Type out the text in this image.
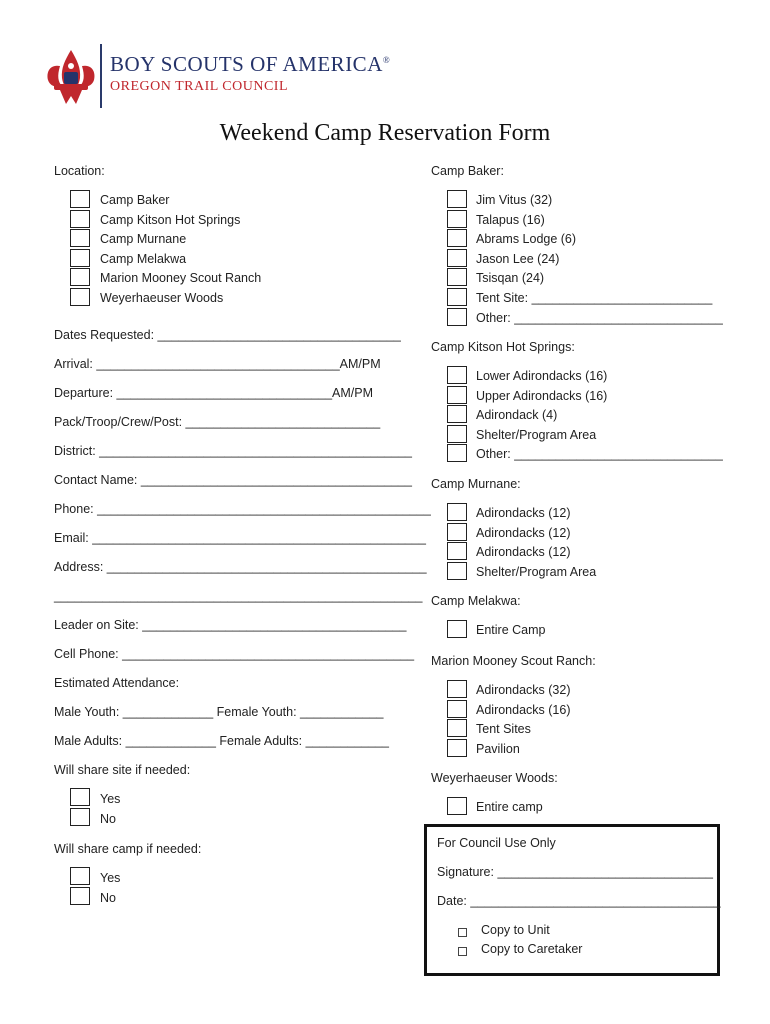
BOY SCOUTS OF AMERICA®
OREGON TRAIL COUNCIL
Weekend Camp Reservation Form
Location:
Camp Baker
Camp Kitson Hot Springs
Camp Murnane
Camp Melakwa
Marion Mooney Scout Ranch
Weyerhaeuser Woods
Dates Requested: ___________________________________
Arrival: ___________________________________AM/PM
Departure: _______________________________AM/PM
Pack/Troop/Crew/Post: ____________________________
District: _____________________________________________
Contact Name: _______________________________________
Phone: ________________________________________________
Email: ________________________________________________
Address: ______________________________________________
_____________________________________________________
Leader on Site: ______________________________________
Cell Phone: __________________________________________
Estimated Attendance:
Male Youth: _____________ Female Youth: ____________
Male Adults: _____________ Female Adults: ____________
Will share site if needed:
Yes
No
Will share camp if needed:
Yes
No
Camp Baker:
Jim Vitus (32)
Talapus (16)
Abrams Lodge (6)
Jason Lee (24)
Tsisqan (24)
Tent Site: __________________________
Other: ______________________________
Camp Kitson Hot Springs:
Lower Adirondacks (16)
Upper Adirondacks (16)
Adirondack (4)
Shelter/Program Area
Other: ______________________________
Camp Murnane:
Adirondacks (12)
Adirondacks (12)
Adirondacks (12)
Shelter/Program Area
Camp Melakwa:
Entire Camp
Marion Mooney Scout Ranch:
Adirondacks (32)
Adirondacks (16)
Tent Sites
Pavilion
Weyerhaeuser Woods:
Entire camp
For Council Use Only
Signature: _______________________________
Date: ____________________________________
Copy to Unit
Copy to Caretaker
